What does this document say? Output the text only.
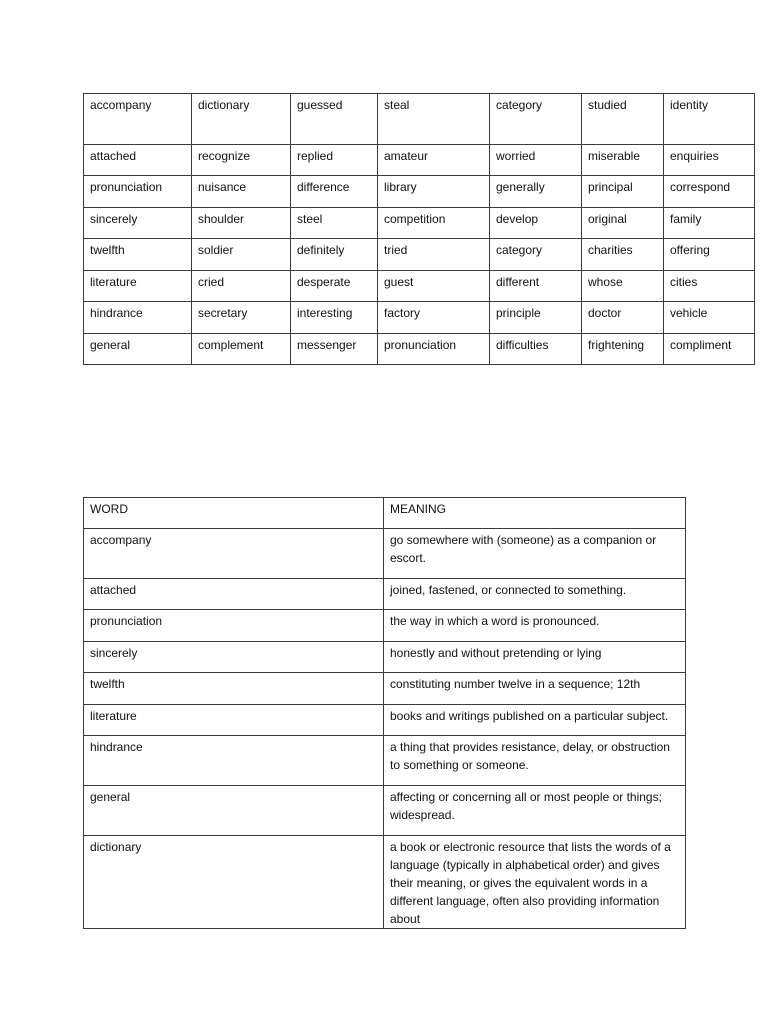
accompany	dictionary	guessed	steal	category	studied	identity

attached	recognize	replied	amateur	worried	miserable	enquiries

pronunciation	nuisance	difference	library	generally	principal	correspond

sincerely	shoulder	steel	competition	develop	original	family

twelfth	soldier	definitely	tried	category	charities	offering

literature	cried	desperate	guest	different	whose	cities

hindrance	secretary	interesting	factory	principle	doctor	vehicle

general	complement	messenger	pronunciation	difficulties	frightening	compliment
WORD	MEANING

accompany	go somewhere with (someone) as a companion or escort.

attached	joined, fastened, or connected to something.

pronunciation	the way in which a word is pronounced.

sincerely	honestly and without pretending or lying

twelfth	constituting number twelve in a sequence; 12th

literature	books and writings published on a particular subject.

hindrance	a thing that provides resistance, delay, or obstruction to something or someone.

general	affecting or concerning all or most people or things; widespread.

dictionary	a book or electronic resource that lists the words of a language (typically in alphabetical order) and gives their meaning, or gives the equivalent words in a different language, often also providing information about
